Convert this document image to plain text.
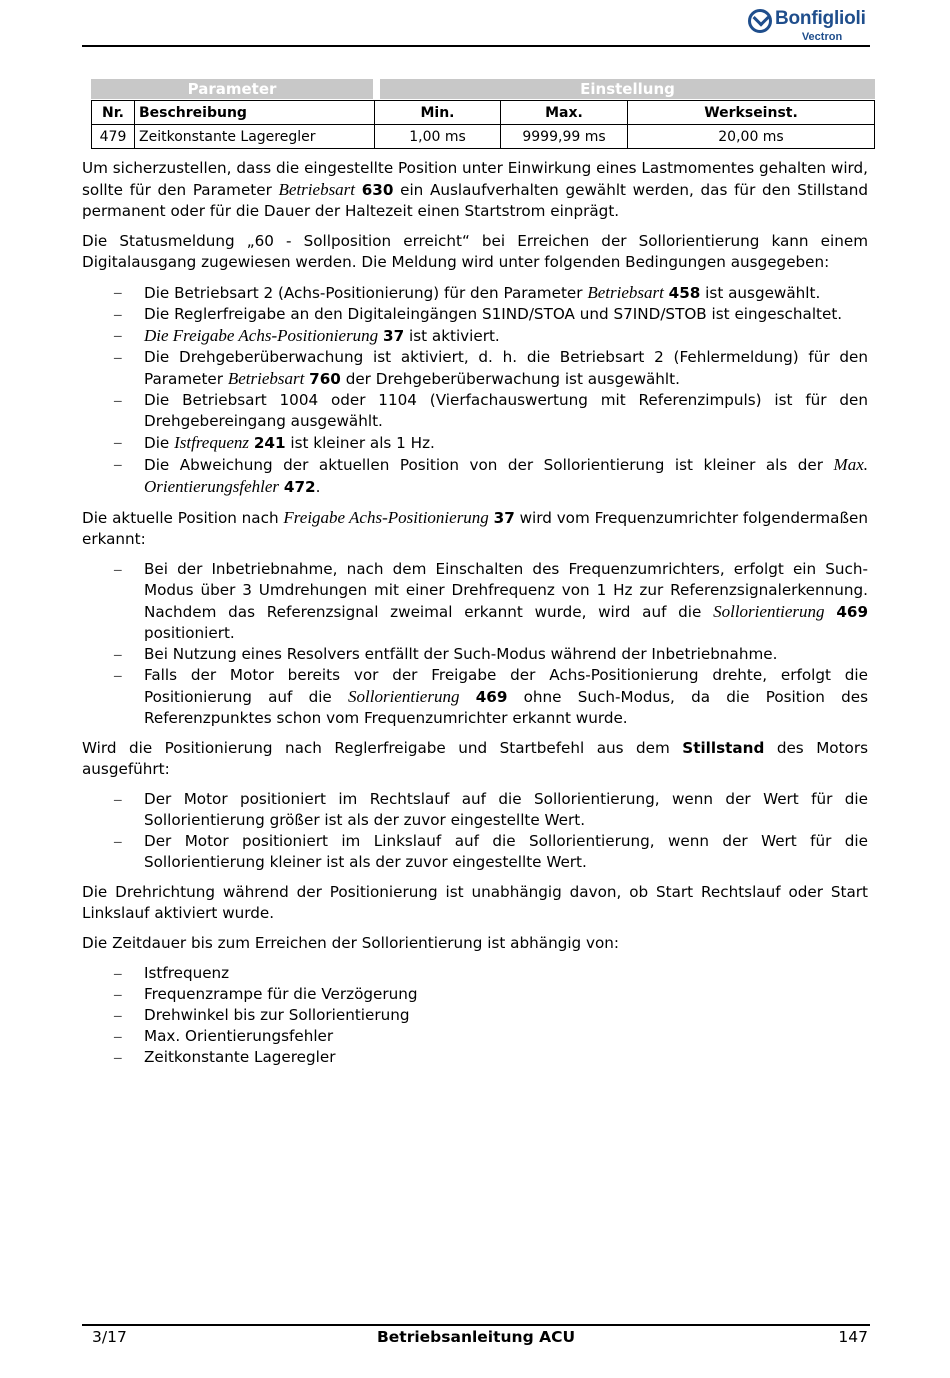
Bonfiglioli
Vectron
Parameter	Einstellung
Nr.	Beschreibung	Min.	Max.	Werkseinst.
479	Zeitkonstante Lageregler	1,00 ms	9999,99 ms	20,00 ms

Um sicherzustellen, dass die eingestellte Position unter Einwirkung eines Lastmomentes gehalten wird, sollte für den Parameter Betriebsart 630 ein Auslaufverhalten gewählt werden, das für den Stillstand permanent oder für die Dauer der Haltezeit einen Startstrom einprägt.

Die Statusmeldung „60 - Sollposition erreicht“ bei Erreichen der Sollorientierung kann einem Digitalausgang zugewiesen werden. Die Meldung wird unter folgenden Bedingungen ausgegeben:

– Die Betriebsart 2 (Achs-Positionierung) für den Parameter Betriebsart 458 ist ausgewählt.
– Die Reglerfreigabe an den Digitaleingängen S1IND/STOA und S7IND/STOB ist eingeschaltet.
– Die Freigabe Achs-Positionierung 37 ist aktiviert.
– Die Drehgeberüberwachung ist aktiviert, d. h. die Betriebsart 2 (Fehlermeldung) für den Parameter Betriebsart 760 der Drehgeberüberwachung ist ausgewählt.
– Die Betriebsart 1004 oder 1104 (Vierfachauswertung mit Referenzimpuls) ist für den Drehgebereingang ausgewählt.
– Die Istfrequenz 241 ist kleiner als 1 Hz.
– Die Abweichung der aktuellen Position von der Sollorientierung ist kleiner als der Max. Orientierungsfehler 472.

Die aktuelle Position nach Freigabe Achs-Positionierung 37 wird vom Frequenzumrichter folgendermaßen erkannt:

– Bei der Inbetriebnahme, nach dem Einschalten des Frequenzumrichters, erfolgt ein Such-Modus über 3 Umdrehungen mit einer Drehfrequenz von 1 Hz zur Referenzsignalerkennung. Nachdem das Referenzsignal zweimal erkannt wurde, wird auf die Sollorientierung 469 positioniert.
– Bei Nutzung eines Resolvers entfällt der Such-Modus während der Inbetriebnahme.
– Falls der Motor bereits vor der Freigabe der Achs-Positionierung drehte, erfolgt die Positionierung auf die Sollorientierung 469 ohne Such-Modus, da die Position des Referenzpunktes schon vom Frequenzumrichter erkannt wurde.

Wird die Positionierung nach Reglerfreigabe und Startbefehl aus dem Stillstand des Motors ausgeführt:

– Der Motor positioniert im Rechtslauf auf die Sollorientierung, wenn der Wert für die Sollorientierung größer ist als der zuvor eingestellte Wert.
– Der Motor positioniert im Linkslauf auf die Sollorientierung, wenn der Wert für die Sollorientierung kleiner ist als der zuvor eingestellte Wert.

Die Drehrichtung während der Positionierung ist unabhängig davon, ob Start Rechtslauf oder Start Linkslauf aktiviert wurde.

Die Zeitdauer bis zum Erreichen der Sollorientierung ist abhängig von:

– Istfrequenz
– Frequenzrampe für die Verzögerung
– Drehwinkel bis zur Sollorientierung
– Max. Orientierungsfehler
– Zeitkonstante Lageregler
3/17	Betriebsanleitung ACU	147
